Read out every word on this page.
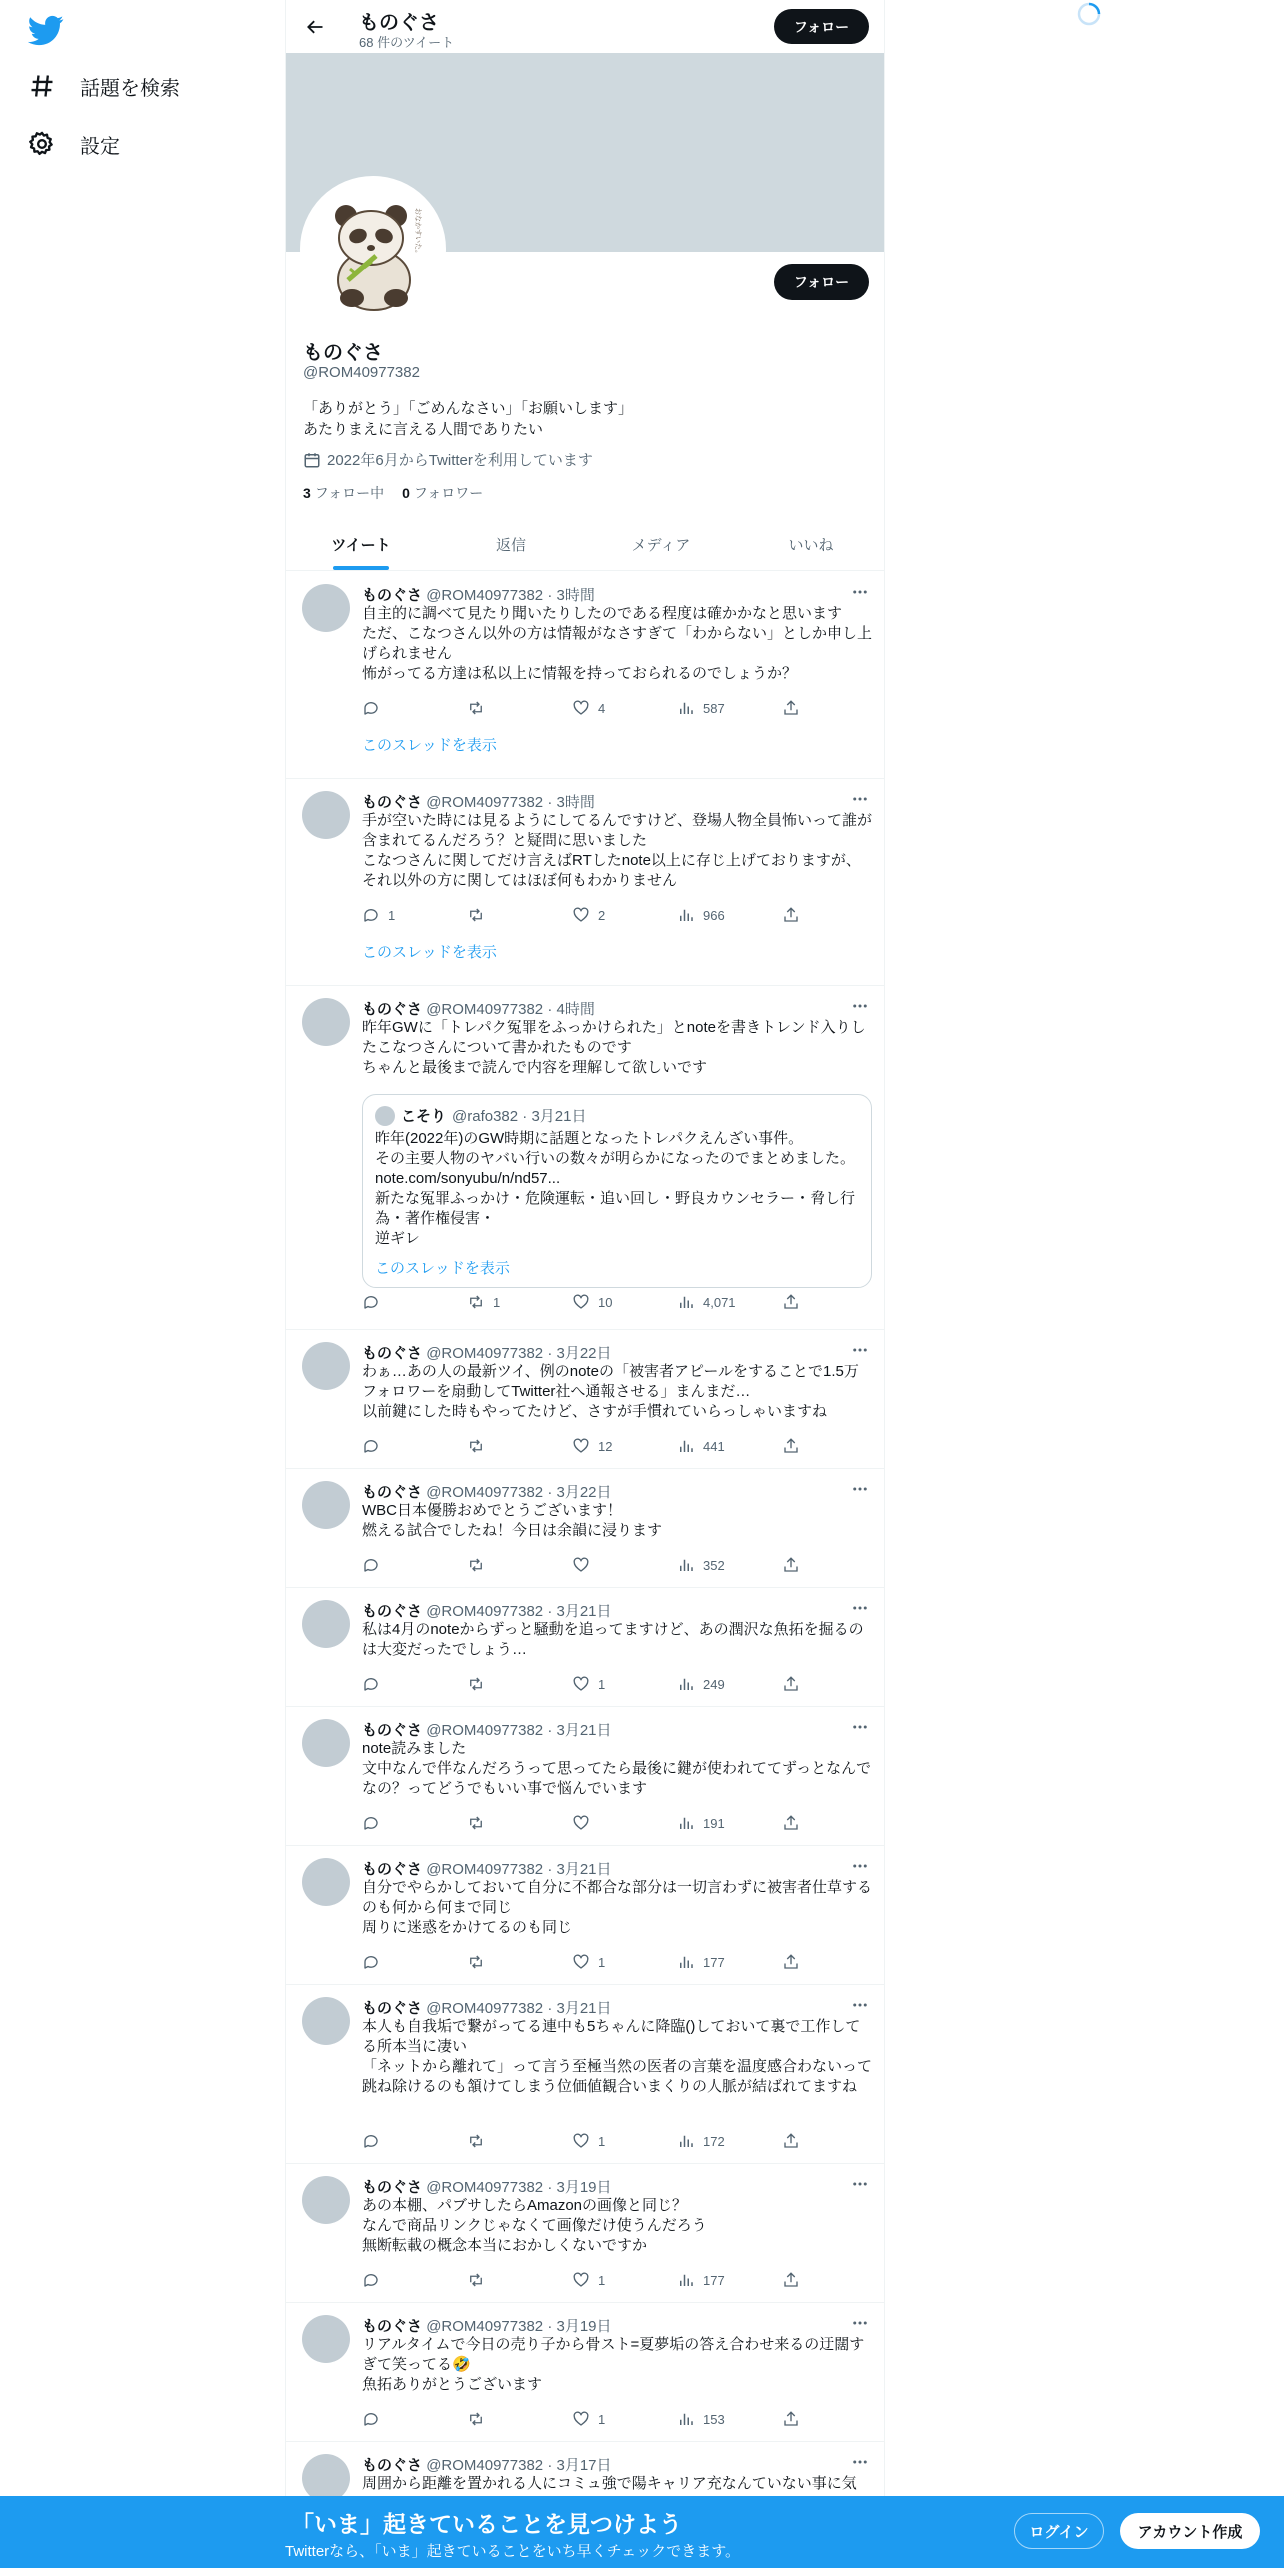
話題を検索
設定
ものぐさ
68 件のツイート
フォロー
おなかすいた。
フォロー
ものぐさ
@ROM40977382
「ありがとう」「ごめんなさい」「お願いします」
あたりまえに言える人間でありたい
2022年6月からTwitterを利用しています
3 フォロー中 0 フォロワー
ツイート	返信	メディア	いいね
ものぐさ @ROM40977382 · 3時間
自主的に調べて見たり聞いたりしたのである程度は確かかなと思います
ただ、こなつさん以外の方は情報がなさすぎて「わからない」としか申し上げられません
怖がってる方達は私以上に情報を持っておられるのでしょうか？
4	587
このスレッドを表示
ものぐさ @ROM40977382 · 3時間
手が空いた時には見るようにしてるんですけど、登場人物全員怖いって誰が含まれてるんだろう？と疑問に思いました
こなつさんに関してだけ言えばRTしたnote以上に存じ上げておりますが、それ以外の方に関してはほぼ何もわかりません
1	2	966
このスレッドを表示
ものぐさ @ROM40977382 · 4時間
昨年GWに「トレパク冤罪をふっかけられた」とnoteを書きトレンド入りしたこなつさんについて書かれたものです
ちゃんと最後まで読んで内容を理解して欲しいです
こそり @rafo382 · 3月21日
昨年(2022年)のGW時期に話題となったトレパクえんざい事件。
その主要人物のヤバい行いの数々が明らかになったのでまとめました。
note.com/sonyubu/n/nd57...
新たな冤罪ふっかけ・危険運転・追い回し・野良カウンセラー・脅し行為・著作権侵害・
逆ギレ
このスレッドを表示
1	10	4,071
ものぐさ @ROM40977382 · 3月22日
わぁ…あの人の最新ツイ、例のnoteの「被害者アピールをすることで1.5万フォロワーを扇動してTwitter社へ通報させる」まんまだ…
以前鍵にした時もやってたけど、さすが手慣れていらっしゃいますね
12	441
ものぐさ @ROM40977382 · 3月22日
WBC日本優勝おめでとうございます！
燃える試合でしたね！今日は余韻に浸ります
352
ものぐさ @ROM40977382 · 3月21日
私は4月のnoteからずっと騒動を追ってますけど、あの潤沢な魚拓を掘るのは大変だったでしょう…
1	249
ものぐさ @ROM40977382 · 3月21日
note読みました
文中なんで伴なんだろうって思ってたら最後に鍵が使われててずっとなんでなの？ってどうでもいい事で悩んでいます
191
ものぐさ @ROM40977382 · 3月21日
自分でやらかしておいて自分に不都合な部分は一切言わずに被害者仕草するのも何から何まで同じ
周りに迷惑をかけてるのも同じ
1	177
ものぐさ @ROM40977382 · 3月21日
本人も自我垢で繋がってる連中も5ちゃんに降臨()しておいて裏で工作してる所本当に凄い
「ネットから離れて」って言う至極当然の医者の言葉を温度感合わないって跳ね除けるのも頷けてしまう位価値観合いまくりの人脈が結ばれてますね
1	172
ものぐさ @ROM40977382 · 3月19日
あの本棚、パブサしたらAmazonの画像と同じ？
なんで商品リンクじゃなくて画像だけ使うんだろう
無断転載の概念本当におかしくないですか
1	177
ものぐさ @ROM40977382 · 3月19日
リアルタイムで今日の売り子から骨スト=夏夢垢の答え合わせ来るの迂闊すぎて笑ってる🤣
魚拓ありがとうございます
1	153
ものぐさ @ROM40977382 · 3月17日
周囲から距離を置かれる人にコミュ強で陽キャリア充なんていない事に気
「いま」起きていることを見つけよう
Twitterなら、「いま」起きていることをいち早くチェックできます。
ログイン	アカウント作成
